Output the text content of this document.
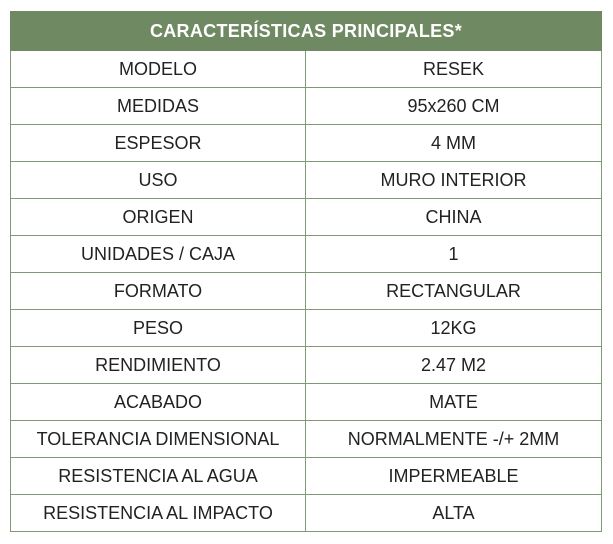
CARACTERÍSTICAS PRINCIPALES*	
MODELO	RESEK
MEDIDAS	95x260 CM
ESPESOR	4 MM
USO	MURO INTERIOR
ORIGEN	CHINA
UNIDADES / CAJA	1
FORMATO	RECTANGULAR
PESO	12KG
RENDIMIENTO	2.47 M2
ACABADO	MATE
TOLERANCIA DIMENSIONAL	NORMALMENTE -/+ 2MM
RESISTENCIA AL AGUA	IMPERMEABLE
RESISTENCIA AL IMPACTO	ALTA
